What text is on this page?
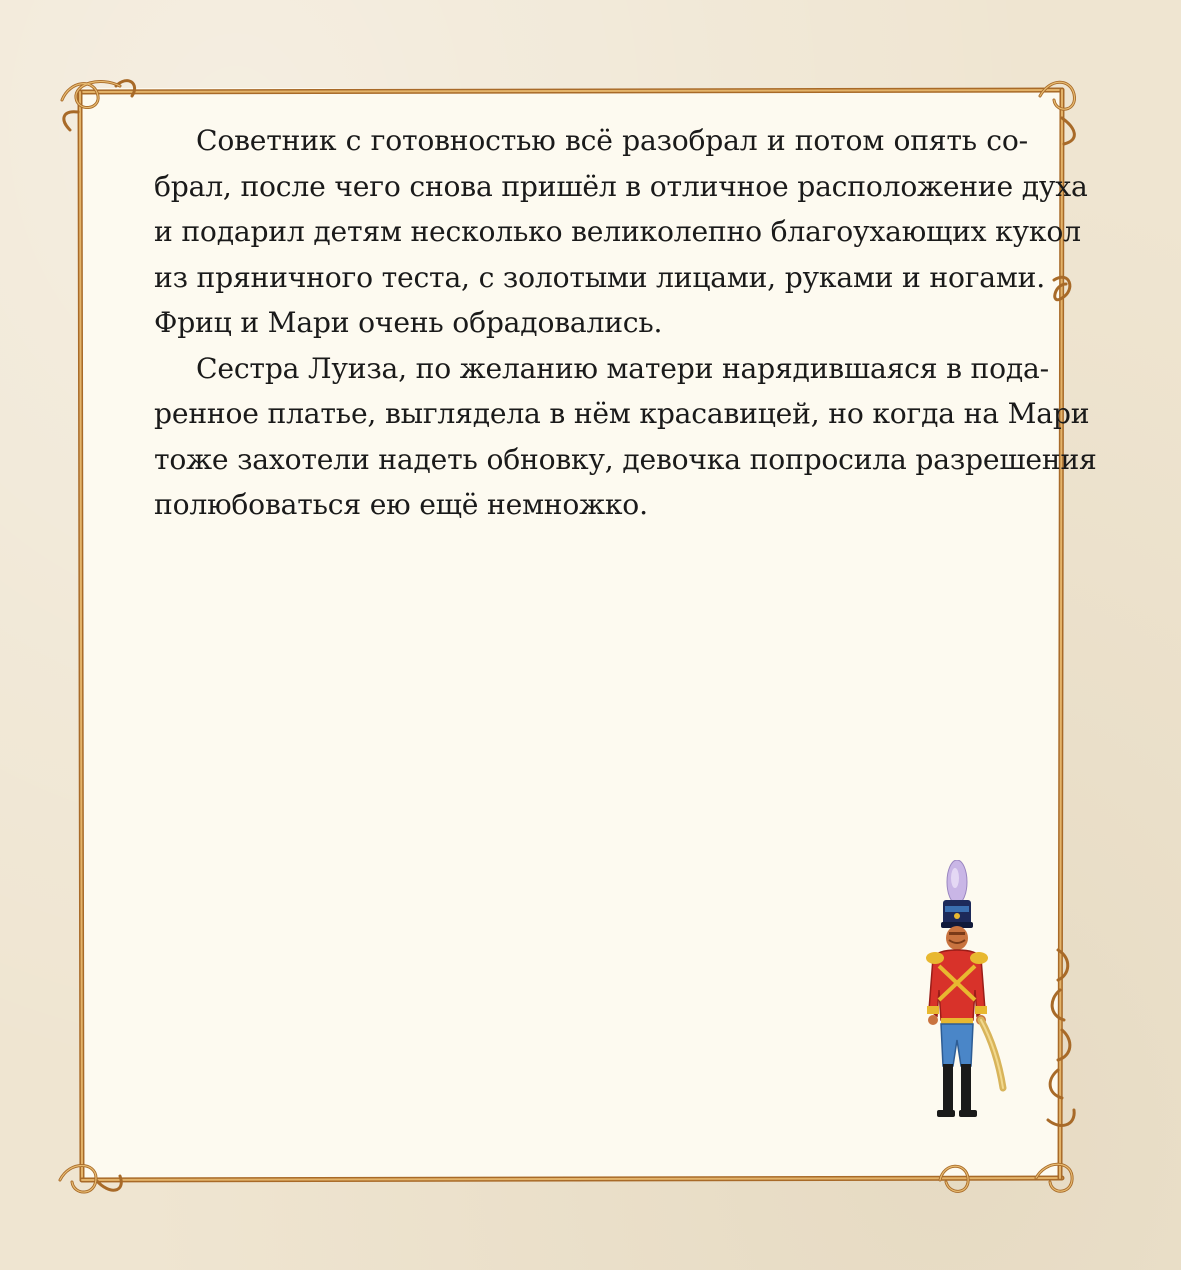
Советник с готовностью всё разобрал и потом опять со-
брал, после чего снова пришёл в отличное расположение духа
и подарил детям несколько великолепно благоухающих кукол
из пряничного теста, с золотыми лицами, руками и ногами.
Фриц и Мари очень обрадовались.
Сестра Луиза, по желанию матери нарядившаяся в пода-
ренное платье, выглядела в нём красавицей, но когда на Мари
тоже захотели надеть обновку, девочка попросила разрешения
полюбоваться ею ещё немножко.
